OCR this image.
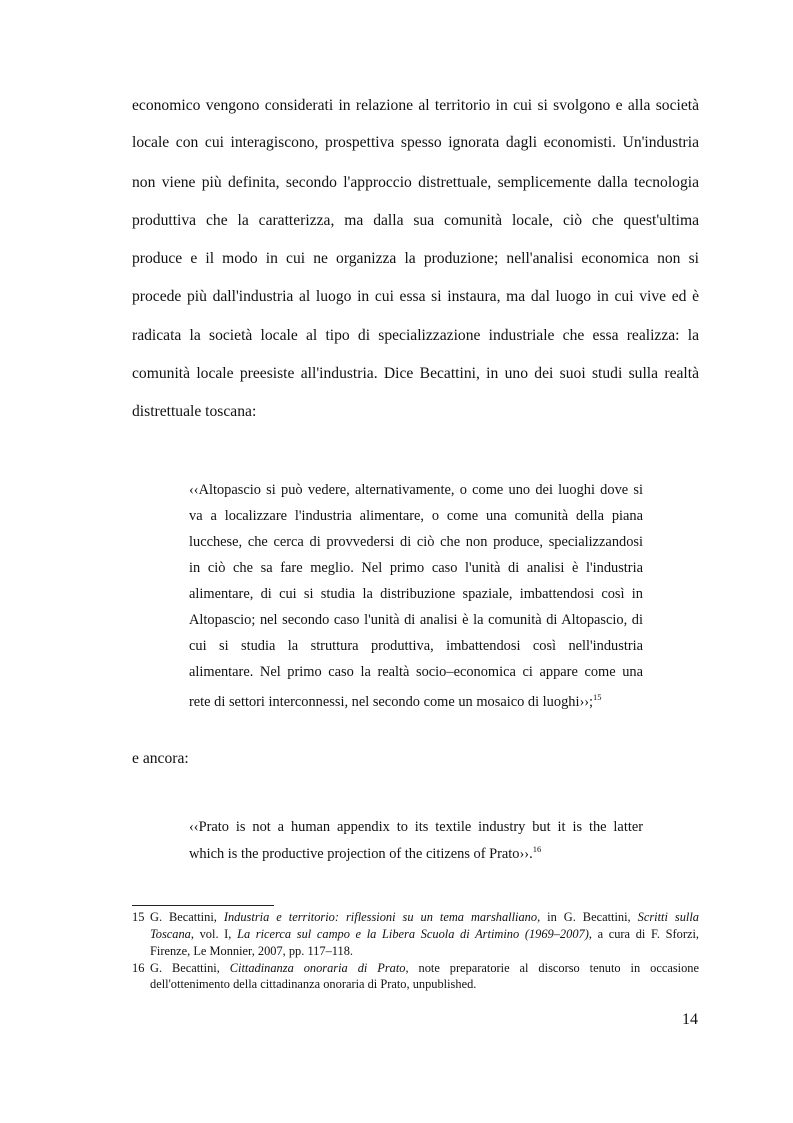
economico vengono considerati in relazione al territorio in cui si svolgono e alla società
locale con cui interagiscono, prospettiva spesso ignorata dagli economisti. Un'industria
non viene più definita, secondo l'approccio distrettuale, semplicemente dalla tecnologia
produttiva che la caratterizza, ma dalla sua comunità locale, ciò che quest'ultima
produce e il modo in cui ne organizza la produzione; nell'analisi economica non si
procede più dall'industria al luogo in cui essa si instaura, ma dal luogo in cui vive ed è
radicata la società locale al tipo di specializzazione industriale che essa realizza: la
comunità locale preesiste all'industria. Dice Becattini, in uno dei suoi studi sulla realtà
distrettuale toscana:
‹‹Altopascio si può vedere, alternativamente, o come uno dei luoghi dove si
va a localizzare l'industria alimentare, o come una comunità della piana
lucchese, che cerca di provvedersi di ciò che non produce, specializzandosi
in ciò che sa fare meglio. Nel primo caso l'unità di analisi è l'industria
alimentare, di cui si studia la distribuzione spaziale, imbattendosi così in
Altopascio; nel secondo caso l'unità di analisi è la comunità di Altopascio, di
cui si studia la struttura produttiva, imbattendosi così nell'industria
alimentare. Nel primo caso la realtà socio–economica ci appare come una
rete di settori interconnessi, nel secondo come un mosaico di luoghi››;$^{15}$
e ancora:
‹‹Prato is not a human appendix to its textile industry but it is the latter
which is the productive projection of the citizens of Prato››.$^{16}$
15 G. Becattini, Industria e territorio: riflessioni su un tema marshalliano, in G. Becattini, Scritti sulla
Toscana, vol. I, La ricerca sul campo e la Libera Scuola di Artimino (1969–2007), a cura di F. Sforzi,
Firenze, Le Monnier, 2007, pp. 117–118.
16 G. Becattini, Cittadinanza onoraria di Prato, note preparatorie al discorso tenuto in occasione
dell'ottenimento della cittadinanza onoraria di Prato, unpublished.
14
